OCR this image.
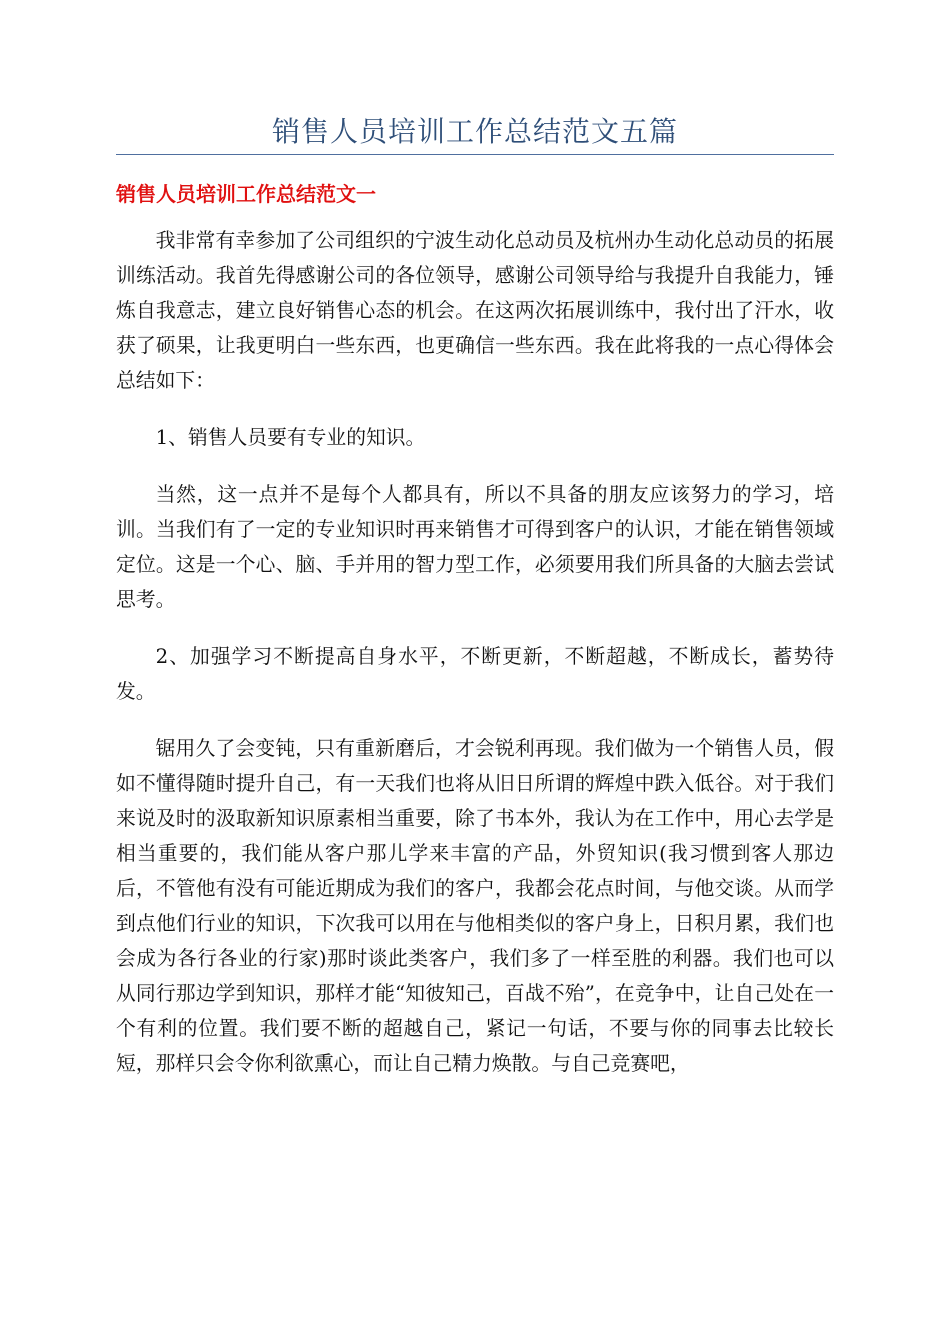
销售人员培训工作总结范文五篇
销售人员培训工作总结范文一

我非常有幸参加了公司组织的宁波生动化总动员及杭州办生动化总动员的拓展训练活动。我首先得感谢公司的各位领导，感谢公司领导给与我提升自我能力，锤炼自我意志，建立良好销售心态的机会。在这两次拓展训练中，我付出了汗水，收获了硕果，让我更明白一些东西，也更确信一些东西。我在此将我的一点心得体会总结如下：

1、销售人员要有专业的知识。

当然，这一点并不是每个人都具有，所以不具备的朋友应该努力的学习，培训。当我们有了一定的专业知识时再来销售才可得到客户的认识，才能在销售领域定位。这是一个心、脑、手并用的智力型工作，必须要用我们所具备的大脑去尝试思考。

2、加强学习不断提高自身水平，不断更新，不断超越，不断成长，蓄势待发。

锯用久了会变钝，只有重新磨后，才会锐利再现。我们做为一个销售人员，假如不懂得随时提升自己，有一天我们也将从旧日所谓的辉煌中跌入低谷。对于我们来说及时的汲取新知识原素相当重要，除了书本外，我认为在工作中，用心去学是相当重要的，我们能从客户那儿学来丰富的产品，外贸知识(我习惯到客人那边后，不管他有没有可能近期成为我们的客户，我都会花点时间，与他交谈。从而学到点他们行业的知识，下次我可以用在与他相类似的客户身上，日积月累，我们也会成为各行各业的行家)那时谈此类客户，我们多了一样至胜的利器。我们也可以从同行那边学到知识，那样才能“知彼知己，百战不殆”，在竞争中，让自己处在一个有利的位置。我们要不断的超越自己，紧记一句话，不要与你的同事去比较长短，那样只会令你利欲熏心，而让自己精力焕散。与自己竞赛吧，
